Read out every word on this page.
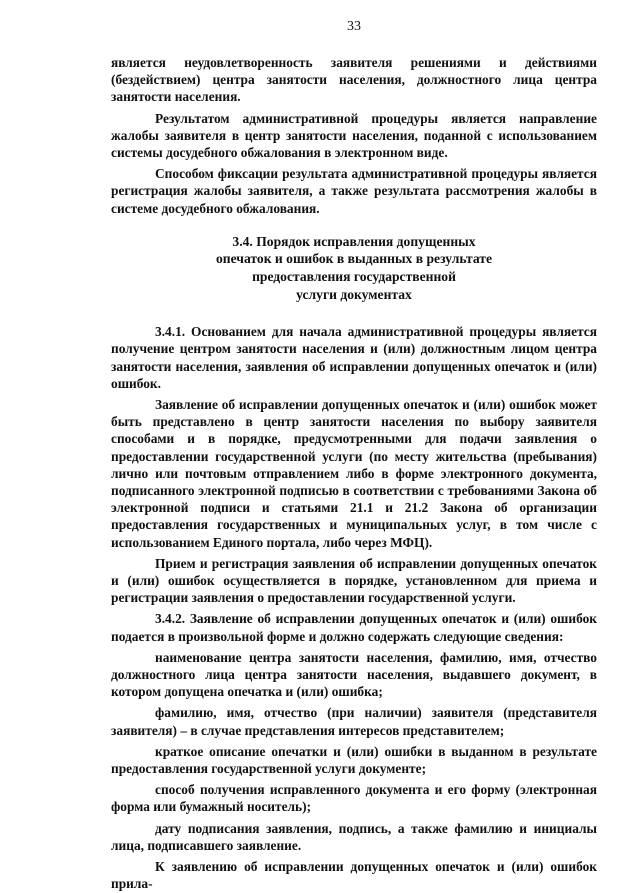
33

является неудовлетворенность заявителя решениями и действиями (бездействием) центра занятости населения, должностного лица центра занятости населения.

Результатом административной процедуры является направление жалобы заявителя в центр занятости населения, поданной с использованием системы досудебного обжалования в электронном виде.

Способом фиксации результата административной процедуры является регистрация жалобы заявителя, а также результата рассмотрения жалобы в системе досудебного обжалования.

3.4. Порядок исправления допущенных
опечаток и ошибок в выданных в результате
предоставления государственной
услуги документах

3.4.1. Основанием для начала административной процедуры является получение центром занятости населения и (или) должностным лицом центра занятости населения, заявления об исправлении допущенных опечаток и (или) ошибок.

Заявление об исправлении допущенных опечаток и (или) ошибок может быть представлено в центр занятости населения по выбору заявителя способами и в порядке, предусмотренными для подачи заявления о предоставлении государственной услуги (по месту жительства (пребывания) лично или почтовым отправлением либо в форме электронного документа, подписанного электронной подписью в соответствии с требованиями Закона об электронной подписи и статьями 21.1 и 21.2 Закона об организации предоставления государственных и муниципальных услуг, в том числе с использованием Единого портала, либо через МФЦ).

Прием и регистрация заявления об исправлении допущенных опечаток и (или) ошибок осуществляется в порядке, установленном для приема и регистрации заявления о предоставлении государственной услуги.

3.4.2. Заявление об исправлении допущенных опечаток и (или) ошибок подается в произвольной форме и должно содержать следующие сведения:

наименование центра занятости населения, фамилию, имя, отчество должностного лица центра занятости населения, выдавшего документ, в котором допущена опечатка и (или) ошибка;

фамилию, имя, отчество (при наличии) заявителя (представителя заявителя) – в случае представления интересов представителем;

краткое описание опечатки и (или) ошибки в выданном в результате предоставления государственной услуги документе;

способ получения исправленного документа и его форму (электронная форма или бумажный носитель);

дату подписания заявления, подпись, а также фамилию и инициалы лица, подписавшего заявление.

К заявлению об исправлении допущенных опечаток и (или) ошибок прила-
